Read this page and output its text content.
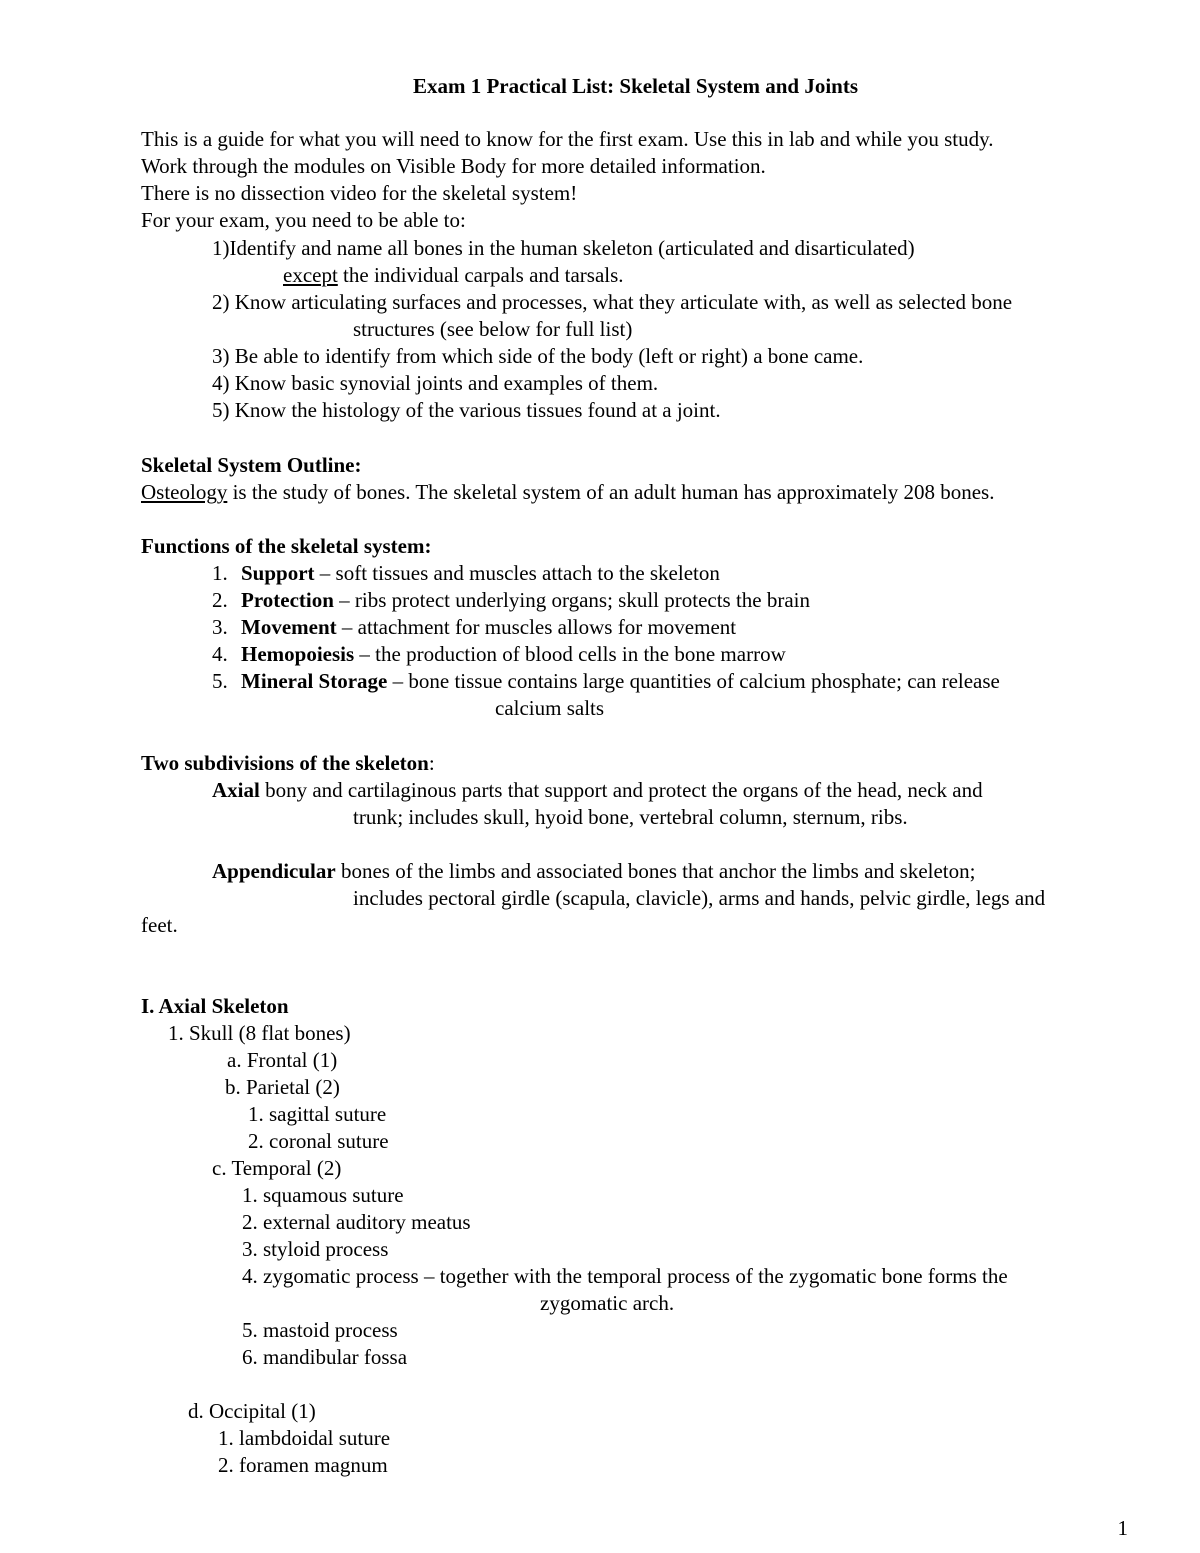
Exam 1 Practical List: Skeletal System and Joints
This is a guide for what you will need to know for the first exam. Use this in lab and while you study.
Work through the modules on Visible Body for more detailed information.
There is no dissection video for the skeletal system!
For your exam, you need to be able to:
1)Identify and name all bones in the human skeleton (articulated and disarticulated)
except the individual carpals and tarsals.
2) Know articulating surfaces and processes, what they articulate with, as well as selected bone
structures (see below for full list)
3) Be able to identify from which side of the body (left or right) a bone came.
4) Know basic synovial joints and examples of them.
5) Know the histology of the various tissues found at a joint.
Skeletal System Outline:
Osteology is the study of bones. The skeletal system of an adult human has approximately 208 bones.
Functions of the skeletal system:
1. Support – soft tissues and muscles attach to the skeleton
2. Protection – ribs protect underlying organs; skull protects the brain
3. Movement – attachment for muscles allows for movement
4. Hemopoiesis – the production of blood cells in the bone marrow
5. Mineral Storage – bone tissue contains large quantities of calcium phosphate; can release
calcium salts
Two subdivisions of the skeleton:
Axial bony and cartilaginous parts that support and protect the organs of the head, neck and
trunk; includes skull, hyoid bone, vertebral column, sternum, ribs.
Appendicular bones of the limbs and associated bones that anchor the limbs and skeleton;
includes pectoral girdle (scapula, clavicle), arms and hands, pelvic girdle, legs and
feet.
I. Axial Skeleton
1. Skull (8 flat bones)
a. Frontal (1)
b. Parietal (2)
1. sagittal suture
2. coronal suture
c. Temporal (2)
1. squamous suture
2. external auditory meatus
3. styloid process
4. zygomatic process – together with the temporal process of the zygomatic bone forms the
zygomatic arch.
5. mastoid process
6. mandibular fossa
d. Occipital (1)
1. lambdoidal suture
2. foramen magnum
1
